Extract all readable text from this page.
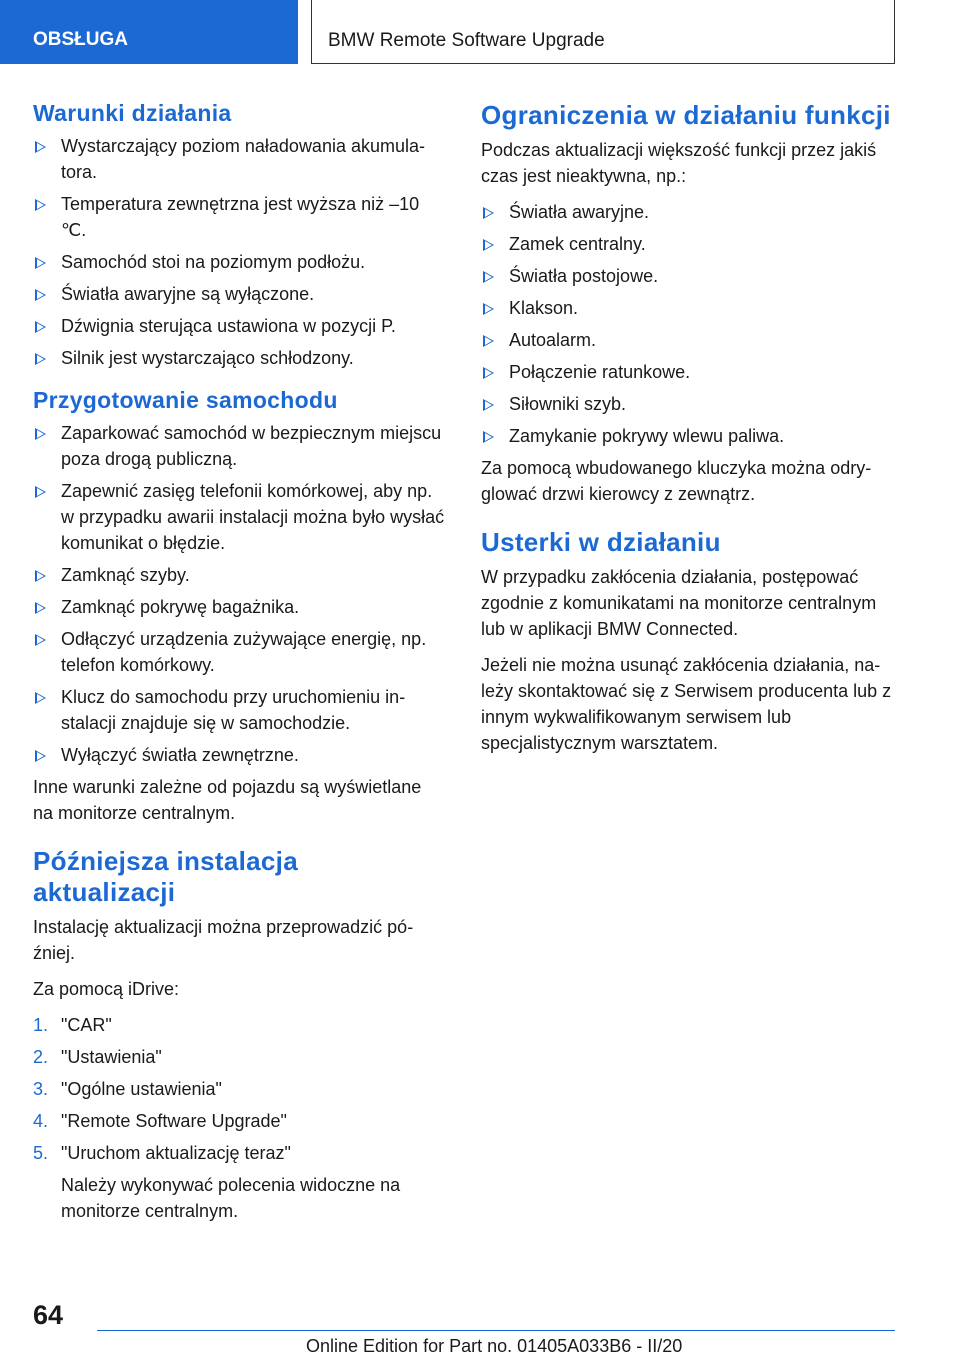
OBSŁUGA	BMW Remote Software Upgrade
Warunki działania
Wystarczający poziom naładowania akumulatora.
Temperatura zewnętrzna jest wyższa niż –10 ℃.
Samochód stoi na poziomym podłożu.
Światła awaryjne są wyłączone.
Dźwignia sterująca ustawiona w pozycji P.
Silnik jest wystarczająco schłodzony.
Przygotowanie samochodu
Zaparkować samochód w bezpiecznym miejscu poza drogą publiczną.
Zapewnić zasięg telefonii komórkowej, aby np. w przypadku awarii instalacji można było wysłać komunikat o błędzie.
Zamknąć szyby.
Zamknąć pokrywę bagażnika.
Odłączyć urządzenia zużywające energię, np. telefon komórkowy.
Klucz do samochodu przy uruchomieniu instalacji znajduje się w samochodzie.
Wyłączyć światła zewnętrzne.

Inne warunki zależne od pojazdu są wyświetlane na monitorze centralnym.

Późniejsza instalacja aktualizacji

Instalację aktualizacji można przeprowadzić później.

Za pomocą iDrive:

1. "CAR"
2. "Ustawienia"
3. "Ogólne ustawienia"
4. "Remote Software Upgrade"
5. "Uruchom aktualizację teraz"

Należy wykonywać polecenia widoczne na monitorze centralnym.

Ograniczenia w działaniu funkcji

Podczas aktualizacji większość funkcji przez jakiś czas jest nieaktywna, np.:

Światła awaryjne.
Zamek centralny.
Światła postojowe.
Klakson.
Autoalarm.
Połączenie ratunkowe.
Siłowniki szyb.
Zamykanie pokrywy wlewu paliwa.

Za pomocą wbudowanego kluczyka można odryglować drzwi kierowcy z zewnątrz.

Usterki w działaniu

W przypadku zakłócenia działania, postępować zgodnie z komunikatami na monitorze centralnym lub w aplikacji BMW Connected.

Jeżeli nie można usunąć zakłócenia działania, należy skontaktować się z Serwisem producenta lub z innym wykwalifikowanym serwisem lub specjalistycznym warsztatem.

64
Online Edition for Part no. 01405A033B6 - II/20
